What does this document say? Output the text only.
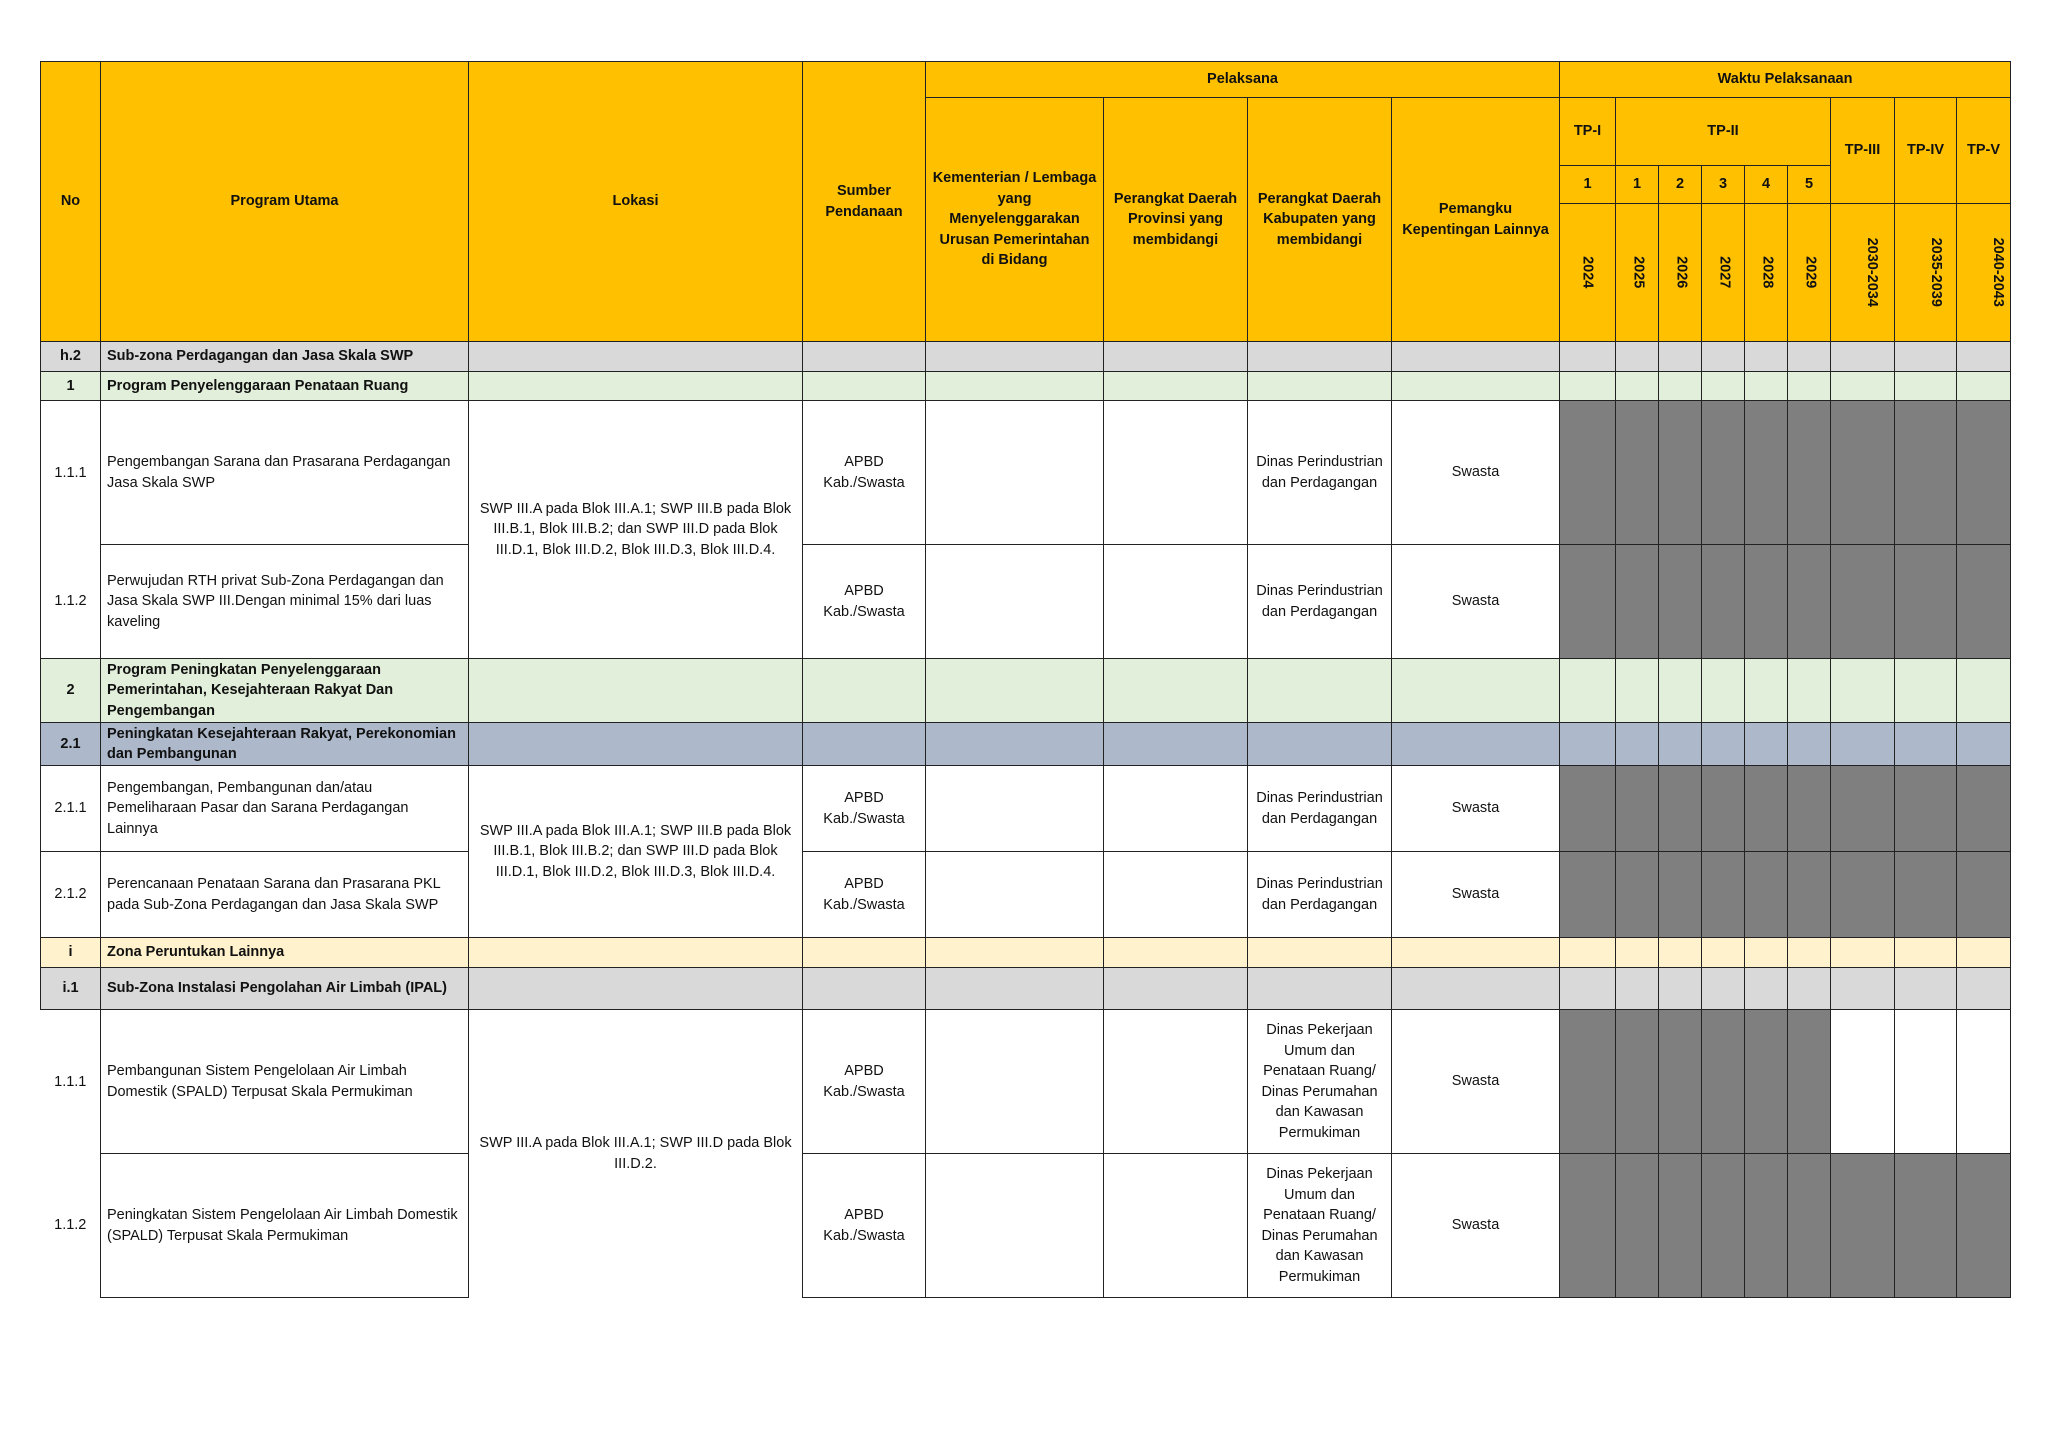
No	Program Utama	Lokasi	Sumber Pendanaan	Pelaksana				Waktu Pelaksanaan								
				Kementerian / Lembaga yang Menyelenggarakan Urusan Pemerintahan di Bidang	Perangkat Daerah Provinsi yang membidangi	Perangkat Daerah Kabupaten yang membidangi	Pemangku Kepentingan Lainnya	TP-I	TP-II					TP-III	TP-IV	TP-V
								1	1	2	3	4	5			
								2024	2025	2026	2027	2028	2029	2030-2034	2035-2039	2040-2043
h.2	Sub-zona Perdagangan dan Jasa Skala SWP															
1	Program Penyelenggaraan Penataan Ruang															
1.1.1	Pengembangan Sarana dan Prasarana Perdagangan Jasa Skala SWP	SWP III.A pada Blok III.A.1; SWP III.B pada Blok III.B.1, Blok III.B.2; dan SWP III.D pada Blok III.D.1, Blok III.D.2, Blok III.D.3, Blok III.D.4.	APBD Kab./Swasta			Dinas Perindustrian dan Perdagangan	Swasta									
1.1.2	Perwujudan RTH privat Sub-Zona Perdagangan dan Jasa Skala SWP III.Dengan minimal 15% dari luas kaveling		APBD Kab./Swasta			Dinas Perindustrian dan Perdagangan	Swasta									
2	Program Peningkatan Penyelenggaraan Pemerintahan, Kesejahteraan Rakyat Dan Pengembangan															
2.1	Peningkatan Kesejahteraan Rakyat, Perekonomian dan Pembangunan															
2.1.1	Pengembangan, Pembangunan dan/atau Pemeliharaan Pasar dan Sarana Perdagangan Lainnya	SWP III.A pada Blok III.A.1; SWP III.B pada Blok III.B.1, Blok III.B.2; dan SWP III.D pada Blok III.D.1, Blok III.D.2, Blok III.D.3, Blok III.D.4.	APBD Kab./Swasta			Dinas Perindustrian dan Perdagangan	Swasta									
2.1.2	Perencanaan Penataan Sarana dan Prasarana PKL pada Sub-Zona Perdagangan dan Jasa Skala SWP		APBD Kab./Swasta			Dinas Perindustrian dan Perdagangan	Swasta									
i	Zona Peruntukan Lainnya															
i.1	Sub-Zona Instalasi Pengolahan Air Limbah (IPAL)															
1.1.1	Pembangunan Sistem Pengelolaan Air Limbah Domestik (SPALD) Terpusat Skala Permukiman	SWP III.A pada Blok III.A.1; SWP III.D pada Blok III.D.2.	APBD Kab./Swasta			Dinas Pekerjaan Umum dan Penataan Ruang/ Dinas Perumahan dan Kawasan Permukiman	Swasta									
1.1.2	Peningkatan Sistem Pengelolaan Air Limbah Domestik (SPALD) Terpusat Skala Permukiman		APBD Kab./Swasta			Dinas Pekerjaan Umum dan Penataan Ruang/ Dinas Perumahan dan Kawasan Permukiman	Swasta									
